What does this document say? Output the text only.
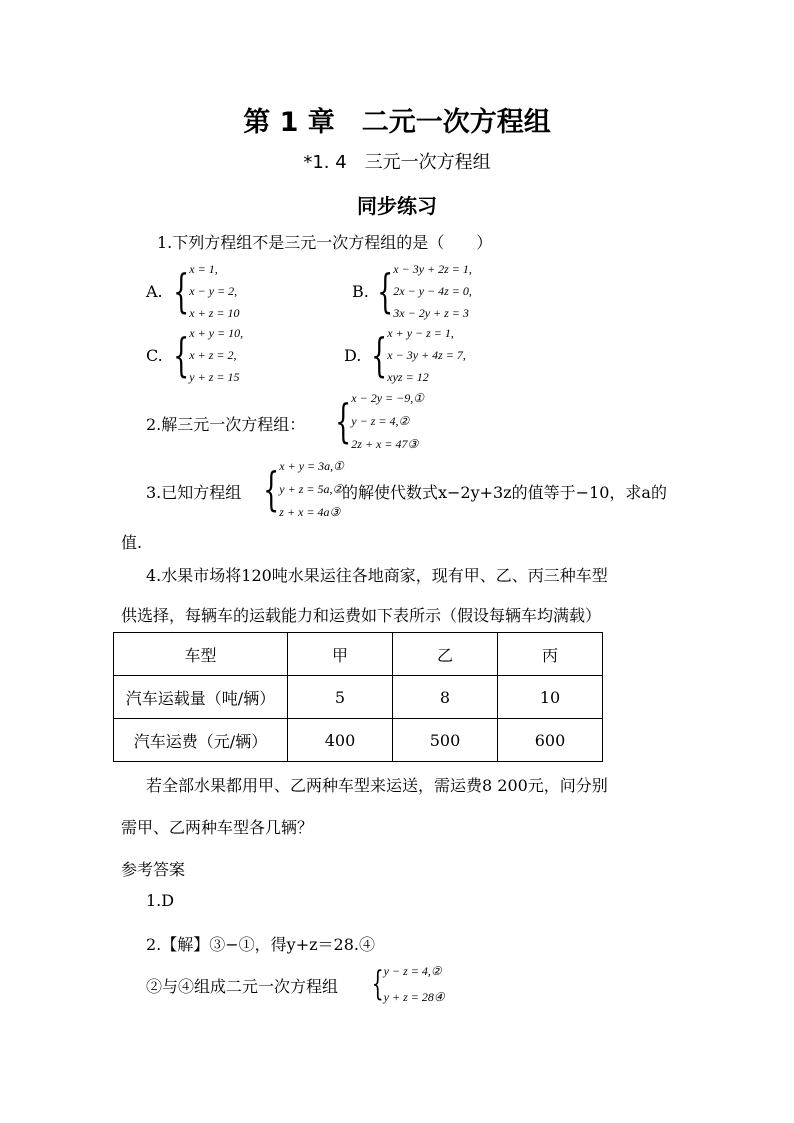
第 1 章　二元一次方程组
*1. 4　三元一次方程组
同步练习
1.下列方程组不是三元一次方程组的是（　　）
A. { x = 1,
x − y = 2,
x + z = 10
B. { x − 3y + 2z = 1,
2x − y − 4z = 0,
3x − 2y + z = 3
C. { x + y = 10,
x + z = 2,
y + z = 15
D. { x + y − z = 1,
x − 3y + 4z = 7,
xyz = 12
2.解三元一次方程组： { x − 2y = −9,①
y − z = 4,②
2z + x = 47③
3.已知方程组 { x + y = 3a,①
y + z = 5a,②
z + x = 4a③
的解使代数式x−2y+3z的值等于−10，求a的
值.
4.水果市场将120吨水果运往各地商家，现有甲、乙、丙三种车型
供选择，每辆车的运载能力和运费如下表所示（假设每辆车均满载）
车型	甲	乙	丙
汽车运载量（吨/辆）	5	8	10
汽车运费（元/辆）	400	500	600
若全部水果都用甲、乙两种车型来运送，需运费8 200元，问分别
需甲、乙两种车型各几辆？
参考答案
1.D
2.【解】③−①，得y+z＝28.④
②与④组成二元一次方程组 { y − z = 4,②
y + z = 28④
